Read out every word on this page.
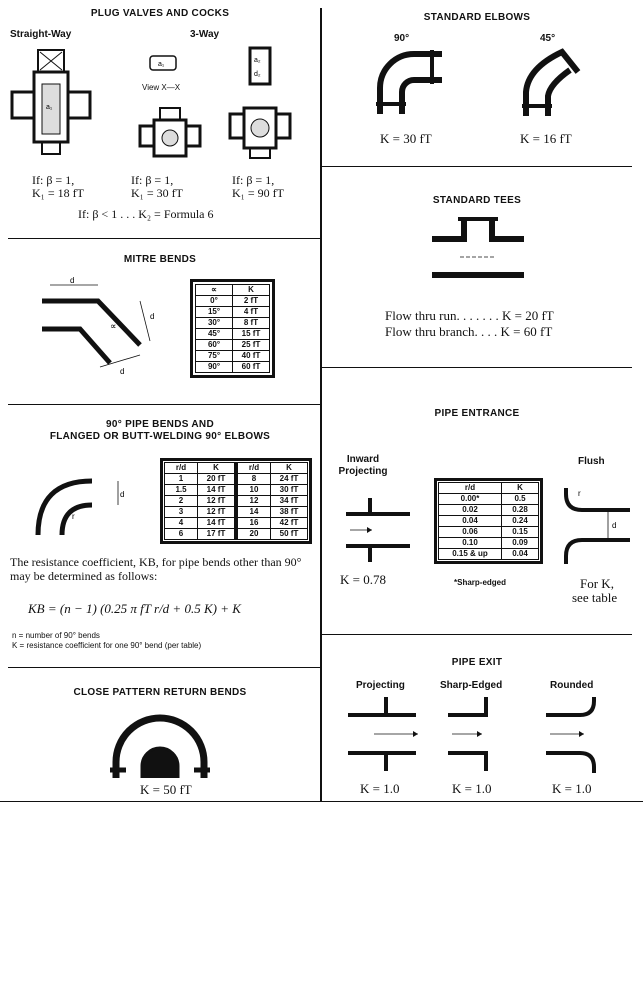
PLUG VALVES AND COCKS
Straight-Way	3-Way
a₁
a₁
View X—X
a₂
d₂
If: β = 1,
K₁ = 18 fT
If: β = 1,
K₁ = 30 fT
If: β = 1,
K₁ = 90 fT
If: β < 1 . . . K₂ = Formula 6
STANDARD ELBOWS
90°	45°
K = 30 fT	K = 16 fT
STANDARD TEES
Flow thru run. . . . . . . K = 20 fT
Flow thru branch. . . . K = 60 fT
MITRE BENDS
d
d
d
∝
∝	K
0°	2 fT
15°	4 fT
30°	8 fT
45°	15 fT
60°	25 fT
75°	40 fT
90°	60 fT
PIPE ENTRANCE
Inward Projecting
Flush
K = 0.78
r/d	K
0.00*	0.5
0.02	0.28
0.04	0.24
0.06	0.15
0.10	0.09
0.15 & up	0.04
*Sharp-edged
d
r
For K,
see table
90° PIPE BENDS AND
FLANGED OR BUTT-WELDING 90° ELBOWS
d
r
r/d	K
1	20 fT
1.5	14 fT
2	12 fT
3	12 fT
4	14 fT
6	17 fT
r/d	K
8	24 fT
10	30 fT
12	34 fT
14	38 fT
16	42 fT
20	50 fT
The resistance coefficient, KB, for pipe bends other than 90° may be determined as follows:
KB = (n − 1) (0.25 π fT r/d + 0.5 K) + K
n = number of 90° bends
K = resistance coefficient for one 90° bend (per table)
CLOSE PATTERN RETURN BENDS
K = 50 fT
PIPE EXIT
Projecting	Sharp-Edged	Rounded
K = 1.0	K = 1.0	K = 1.0
